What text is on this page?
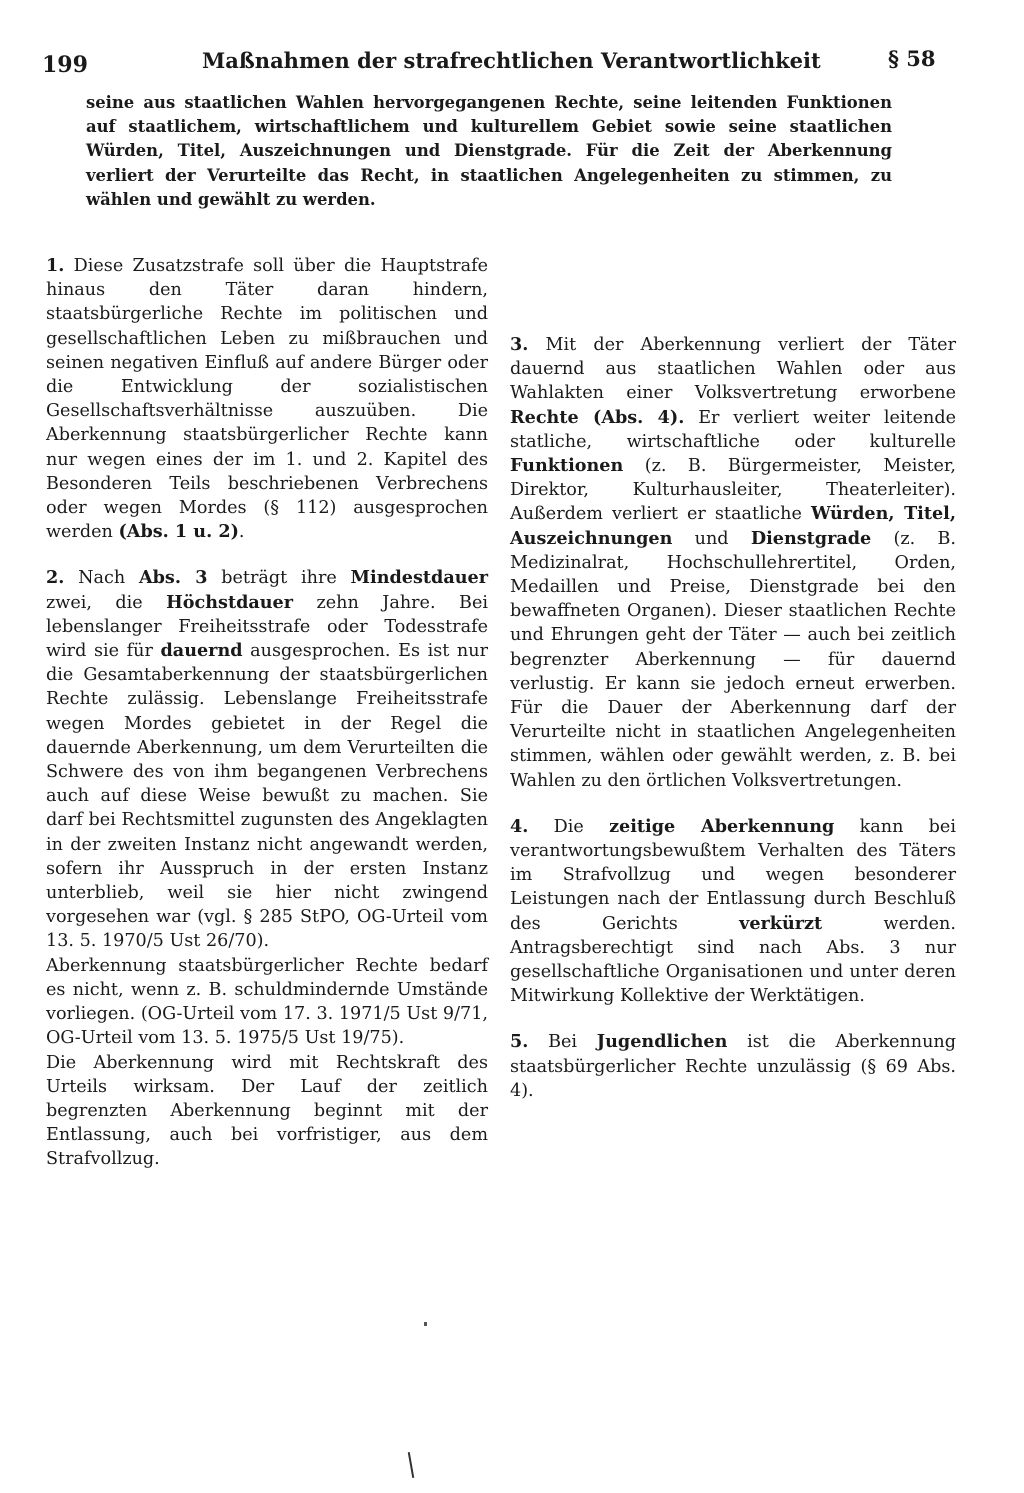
199	Maßnahmen der strafrechtlichen Verantwortlichkeit	§ 58
seine aus staatlichen Wahlen hervorgegangenen Rechte, seine leitenden Funktionen auf staatlichem, wirtschaftlichem und kulturellem Gebiet sowie seine staatlichen Würden, Titel, Auszeichnungen und Dienstgrade. Für die Zeit der Aberkennung verliert der Verurteilte das Recht, in staatlichen Angelegenheiten zu stimmen, zu wählen und gewählt zu werden.

1. Diese Zusatzstrafe soll über die Hauptstrafe hinaus den Täter daran hindern, staatsbürgerliche Rechte im politischen und gesellschaftlichen Leben zu mißbrauchen und seinen negativen Einfluß auf andere Bürger oder die Entwicklung der sozialistischen Gesellschaftsverhältnisse auszuüben. Die Aberkennung staatsbürgerlicher Rechte kann nur wegen eines der im 1. und 2. Kapitel des Besonderen Teils beschriebenen Verbrechens oder wegen Mordes (§ 112) ausgesprochen werden (Abs. 1 u. 2).

2. Nach Abs. 3 beträgt ihre Mindestdauer zwei, die Höchstdauer zehn Jahre. Bei lebenslanger Freiheitsstrafe oder Todesstrafe wird sie für dauernd ausgesprochen. Es ist nur die Gesamtaberkennung der staatsbürgerlichen Rechte zulässig. Lebenslange Freiheitsstrafe wegen Mordes gebietet in der Regel die dauernde Aberkennung, um dem Verurteilten die Schwere des von ihm begangenen Verbrechens auch auf diese Weise bewußt zu machen. Sie darf bei Rechtsmittel zugunsten des Angeklagten in der zweiten Instanz nicht angewandt werden, sofern ihr Ausspruch in der ersten Instanz unterblieb, weil sie hier nicht zwingend vorgesehen war (vgl. § 285 StPO, OG-Urteil vom 13. 5. 1970/5 Ust 26/70).

Aberkennung staatsbürgerlicher Rechte bedarf es nicht, wenn z. B. schuldmindernde Umstände vorliegen. (OG-Urteil vom 17. 3. 1971/5 Ust 9/71, OG-Urteil vom 13. 5. 1975/5 Ust 19/75).

Die Aberkennung wird mit Rechtskraft des Urteils wirksam. Der Lauf der zeitlich begrenzten Aberkennung beginnt mit der Entlassung, auch bei vorfristiger, aus dem Strafvollzug.

3. Mit der Aberkennung verliert der Täter dauernd aus staatlichen Wahlen oder aus Wahlakten einer Volksvertretung erworbene Rechte (Abs. 4). Er verliert weiter leitende statliche, wirtschaftliche oder kulturelle Funktionen (z. B. Bürgermeister, Meister, Direktor, Kulturhausleiter, Theaterleiter). Außerdem verliert er staatliche Würden, Titel, Auszeichnungen und Dienstgrade (z. B. Medizinalrat, Hochschullehrertitel, Orden, Medaillen und Preise, Dienstgrade bei den bewaffneten Organen). Dieser staatlichen Rechte und Ehrungen geht der Täter — auch bei zeitlich begrenzter Aberkennung — für dauernd verlustig. Er kann sie jedoch erneut erwerben. Für die Dauer der Aberkennung darf der Verurteilte nicht in staatlichen Angelegenheiten stimmen, wählen oder gewählt werden, z. B. bei Wahlen zu den örtlichen Volksvertretungen.

4. Die zeitige Aberkennung kann bei verantwortungsbewußtem Verhalten des Täters im Strafvollzug und wegen besonderer Leistungen nach der Entlassung durch Beschluß des Gerichts verkürzt werden. Antragsberechtigt sind nach Abs. 3 nur gesellschaftliche Organisationen und unter deren Mitwirkung Kollektive der Werktätigen.

5. Bei Jugendlichen ist die Aberkennung staatsbürgerlicher Rechte unzulässig (§ 69 Abs. 4).
